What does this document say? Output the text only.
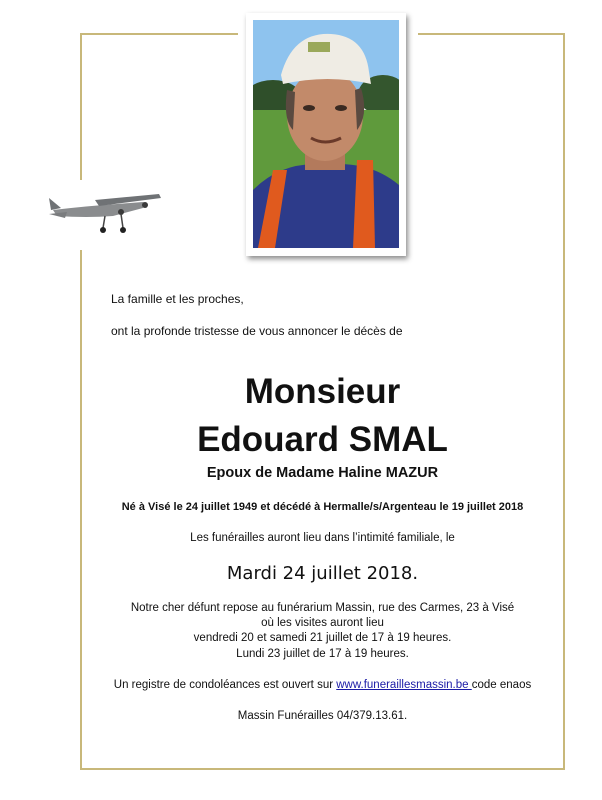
La famille et les proches,
ont la profonde tristesse de vous annoncer le décès de
Monsieur
Edouard SMAL
Epoux de Madame Haline MAZUR
Né à Visé le 24 juillet 1949 et décédé à Hermalle/s/Argenteau le 19 juillet 2018
Les funérailles auront lieu dans l’intimité familiale, le
Mardi 24 juillet 2018.
Notre cher défunt repose au funérarium Massin, rue des Carmes, 23 à Visé
où les visites auront lieu
vendredi 20 et samedi 21 juillet de 17 à 19 heures.
Lundi 23 juillet de 17 à 19 heures.
Un registre de condoléances est ouvert sur www.funeraillesmassin.be code enaos
Massin Funérailles 04/379.13.61.
